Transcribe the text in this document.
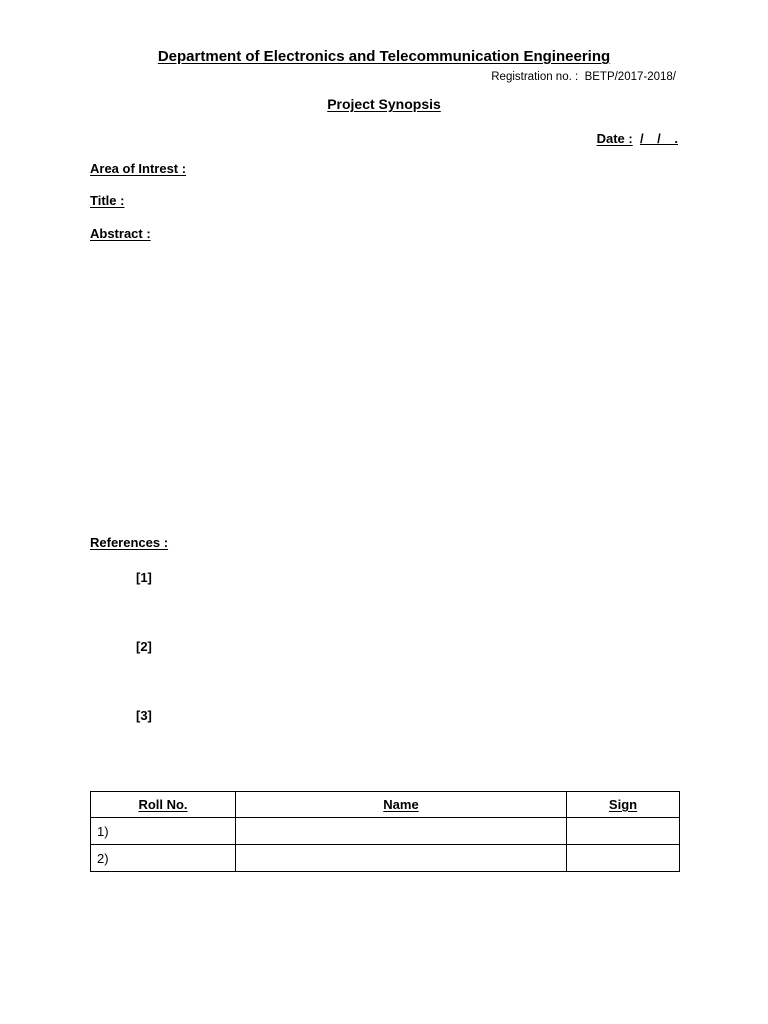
Department of Electronics and Telecommunication Engineering
Registration no. : BETP/2017-2018/
Project Synopsis
Date : / / .
Area of Intrest :
Title :
Abstract :
References :
[1]
[2]
[3]
Roll No.	Name	Sign
1)		
2)		
